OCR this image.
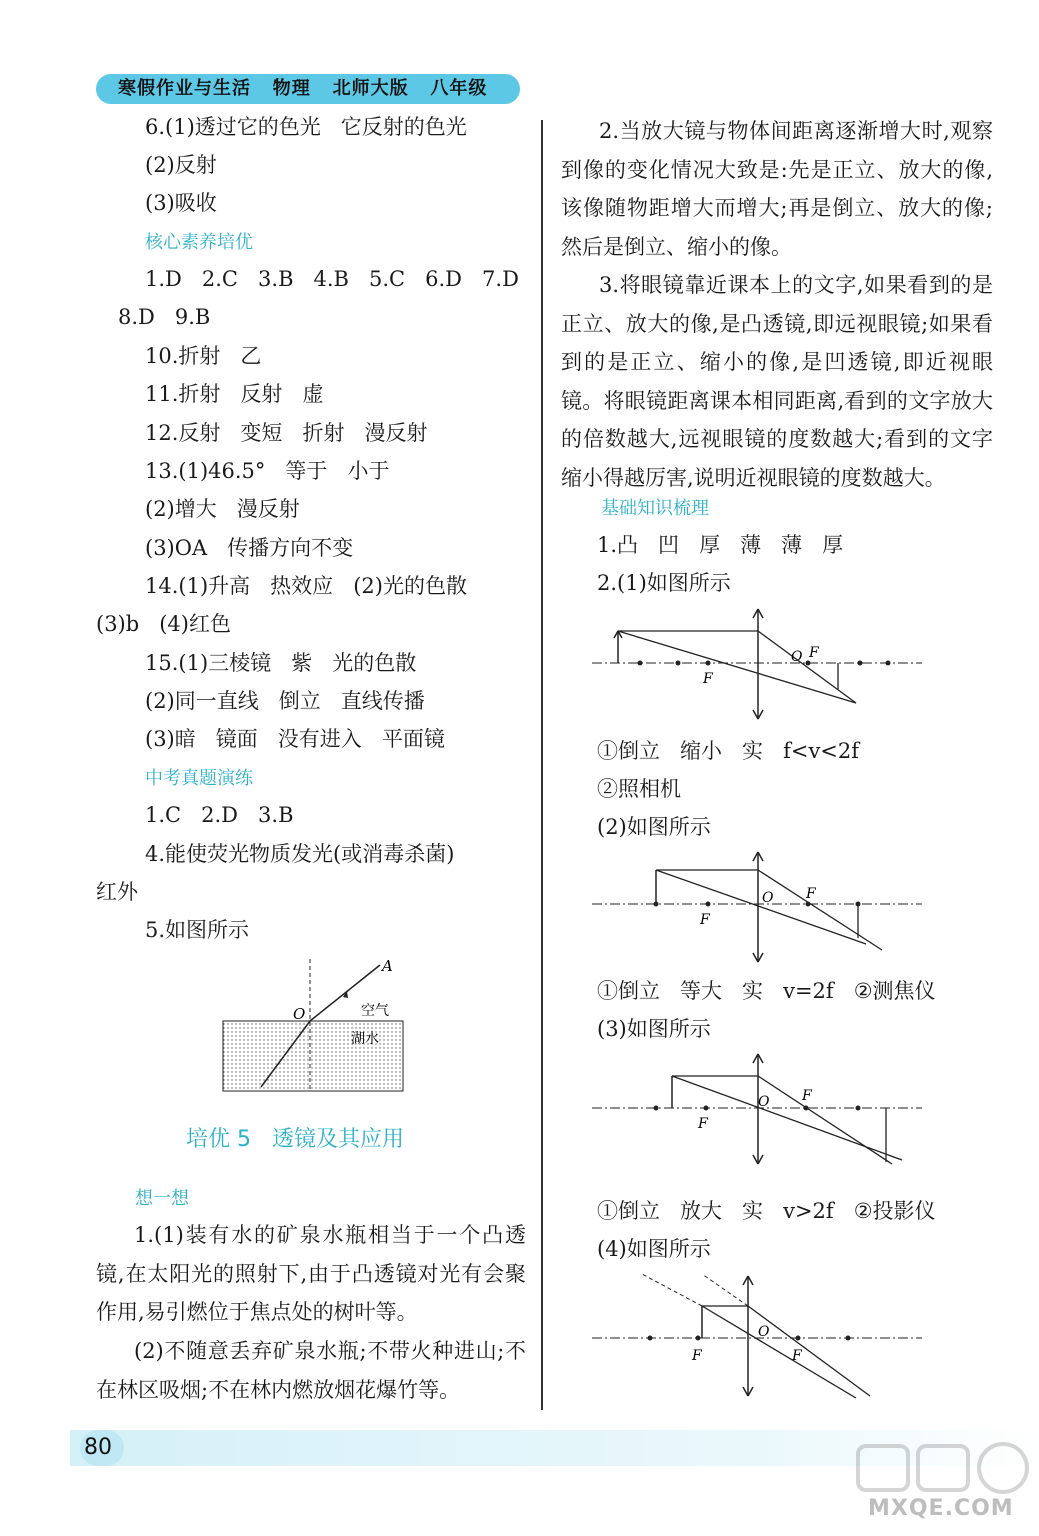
寒假作业与生活   物理   北师大版   八年级
6.(1)透过它的色光   它反射的色光
(2)反射
(3)吸收
核心素养培优
1.D   2.C   3.B   4.B   5.C   6.D   7.D
8.D   9.B
10.折射   乙
11.折射   反射   虚
12.反射   变短   折射   漫反射
13.(1)46.5°   等于   小于
(2)增大   漫反射
(3)OA   传播方向不变
14.(1)升高   热效应   (2)光的色散
(3)b   (4)红色
15.(1)三棱镜   紫   光的色散
(2)同一直线   倒立   直线传播
(3)暗   镜面   没有进入   平面镜
中考真题演练
1.C   2.D   3.B
4.能使荧光物质发光(或消毒杀菌)
红外
5.如图所示
A
O	空气
湖水
培优 5   透镜及其应用
想一想
1.(1)装有水的矿泉水瓶相当于一个凸透镜,在太阳光的照射下,由于凸透镜对光有会聚作用,易引燃位于焦点处的树叶等。
(2)不随意丢弃矿泉水瓶;不带火种进山;不在林区吸烟;不在林内燃放烟花爆竹等。
2.当放大镜与物体间距离逐渐增大时,观察到像的变化情况大致是:先是正立、放大的像,该像随物距增大而增大;再是倒立、放大的像;然后是倒立、缩小的像。
3.将眼镜靠近课本上的文字,如果看到的是正立、放大的像,是凸透镜,即远视眼镜;如果看到的是正立、缩小的像,是凹透镜,即近视眼镜。将眼镜距离课本相同距离,看到的文字放大的倍数越大,远视眼镜的度数越大;看到的文字缩小得越厉害,说明近视眼镜的度数越大。
基础知识梳理
1.凸   凹   厚   薄   薄   厚
2.(1)如图所示
O F
F
①倒立   缩小   实   f<v<2f
②照相机
(2)如图所示
O F
F
①倒立   等大   实   v=2f   ②测焦仪
(3)如图所示
O F
F
①倒立   放大   实   v>2f   ②投影仪
(4)如图所示
O
F
F
80
MXQE.COM
